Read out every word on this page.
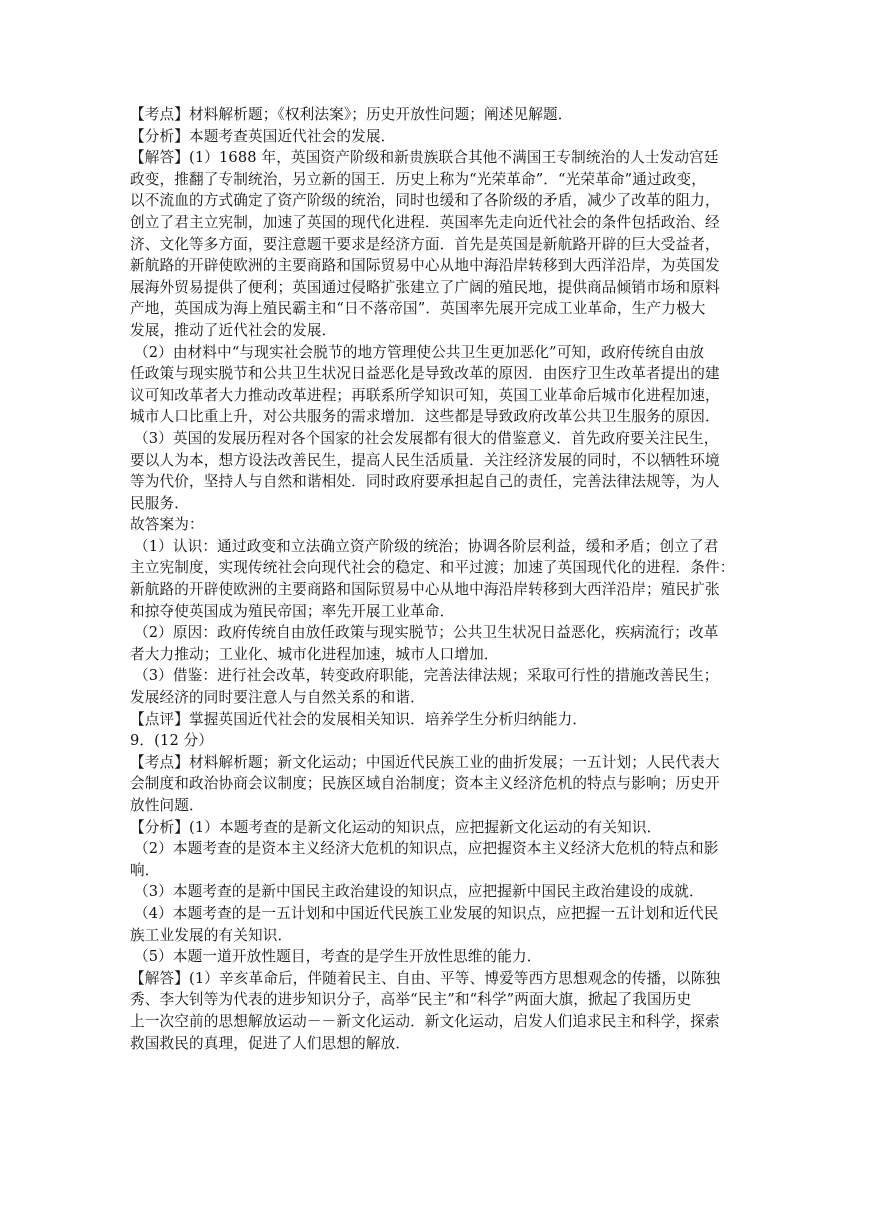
【考点】材料解析题；《权利法案》；历史开放性问题；阐述见解题．
【分析】本题考查英国近代社会的发展．
【解答】(1）1688 年，英国资产阶级和新贵族联合其他不满国王专制统治的人士发动宫廷
政变，推翻了专制统治，另立新的国王．历史上称为“光荣革命”．“光荣革命”通过政变，
以不流血的方式确定了资产阶级的统治，同时也缓和了各阶级的矛盾，减少了改革的阻力，
创立了君主立宪制，加速了英国的现代化进程．英国率先走向近代社会的条件包括政治、经
济、文化等多方面，要注意题干要求是经济方面．首先是英国是新航路开辟的巨大受益者，
新航路的开辟使欧洲的主要商路和国际贸易中心从地中海沿岸转移到大西洋沿岸，为英国发
展海外贸易提供了便利；英国通过侵略扩张建立了广阔的殖民地，提供商品倾销市场和原料
产地，英国成为海上殖民霸主和“日不落帝国”．英国率先展开完成工业革命，生产力极大
发展，推动了近代社会的发展．
（2）由材料中“与现实社会脱节的地方管理使公共卫生更加恶化”可知，政府传统自由放
任政策与现实脱节和公共卫生状况日益恶化是导致改革的原因．由医疗卫生改革者提出的建
议可知改革者大力推动改革进程；再联系所学知识可知，英国工业革命后城市化进程加速，
城市人口比重上升，对公共服务的需求增加．这些都是导致政府改革公共卫生服务的原因．
（3）英国的发展历程对各个国家的社会发展都有很大的借鉴意义．首先政府要关注民生，
要以人为本，想方设法改善民生，提高人民生活质量．关注经济发展的同时，不以牺牲环境
等为代价，坚持人与自然和谐相处．同时政府要承担起自己的责任，完善法律法规等，为人
民服务．
故答案为：
（1）认识：通过政变和立法确立资产阶级的统治；协调各阶层利益，缓和矛盾；创立了君
主立宪制度，实现传统社会向现代社会的稳定、和平过渡；加速了英国现代化的进程．条件：
新航路的开辟使欧洲的主要商路和国际贸易中心从地中海沿岸转移到大西洋沿岸；殖民扩张
和掠夺使英国成为殖民帝国；率先开展工业革命．
（2）原因：政府传统自由放任政策与现实脱节；公共卫生状况日益恶化，疾病流行；改革
者大力推动；工业化、城市化进程加速，城市人口增加．
（3）借鉴：进行社会改革，转变政府职能，完善法律法规；采取可行性的措施改善民生；
发展经济的同时要注意人与自然关系的和谐．
【点评】掌握英国近代社会的发展相关知识．培养学生分析归纳能力．
9．(12 分）
【考点】材料解析题；新文化运动；中国近代民族工业的曲折发展；一五计划；人民代表大
会制度和政治协商会议制度；民族区域自治制度；资本主义经济危机的特点与影响；历史开
放性问题．
【分析】(1）本题考查的是新文化运动的知识点，应把握新文化运动的有关知识．
（2）本题考查的是资本主义经济大危机的知识点，应把握资本主义经济大危机的特点和影
响．
（3）本题考查的是新中国民主政治建设的知识点，应把握新中国民主政治建设的成就．
（4）本题考查的是一五计划和中国近代民族工业发展的知识点，应把握一五计划和近代民
族工业发展的有关知识．
（5）本题一道开放性题目，考查的是学生开放性思维的能力．
【解答】(1）辛亥革命后，伴随着民主、自由、平等、博爱等西方思想观念的传播，以陈独
秀、李大钊等为代表的进步知识分子，高举“民主”和“科学”两面大旗，掀起了我国历史
上一次空前的思想解放运动－－新文化运动．新文化运动，启发人们追求民主和科学，探索
救国救民的真理，促进了人们思想的解放．
